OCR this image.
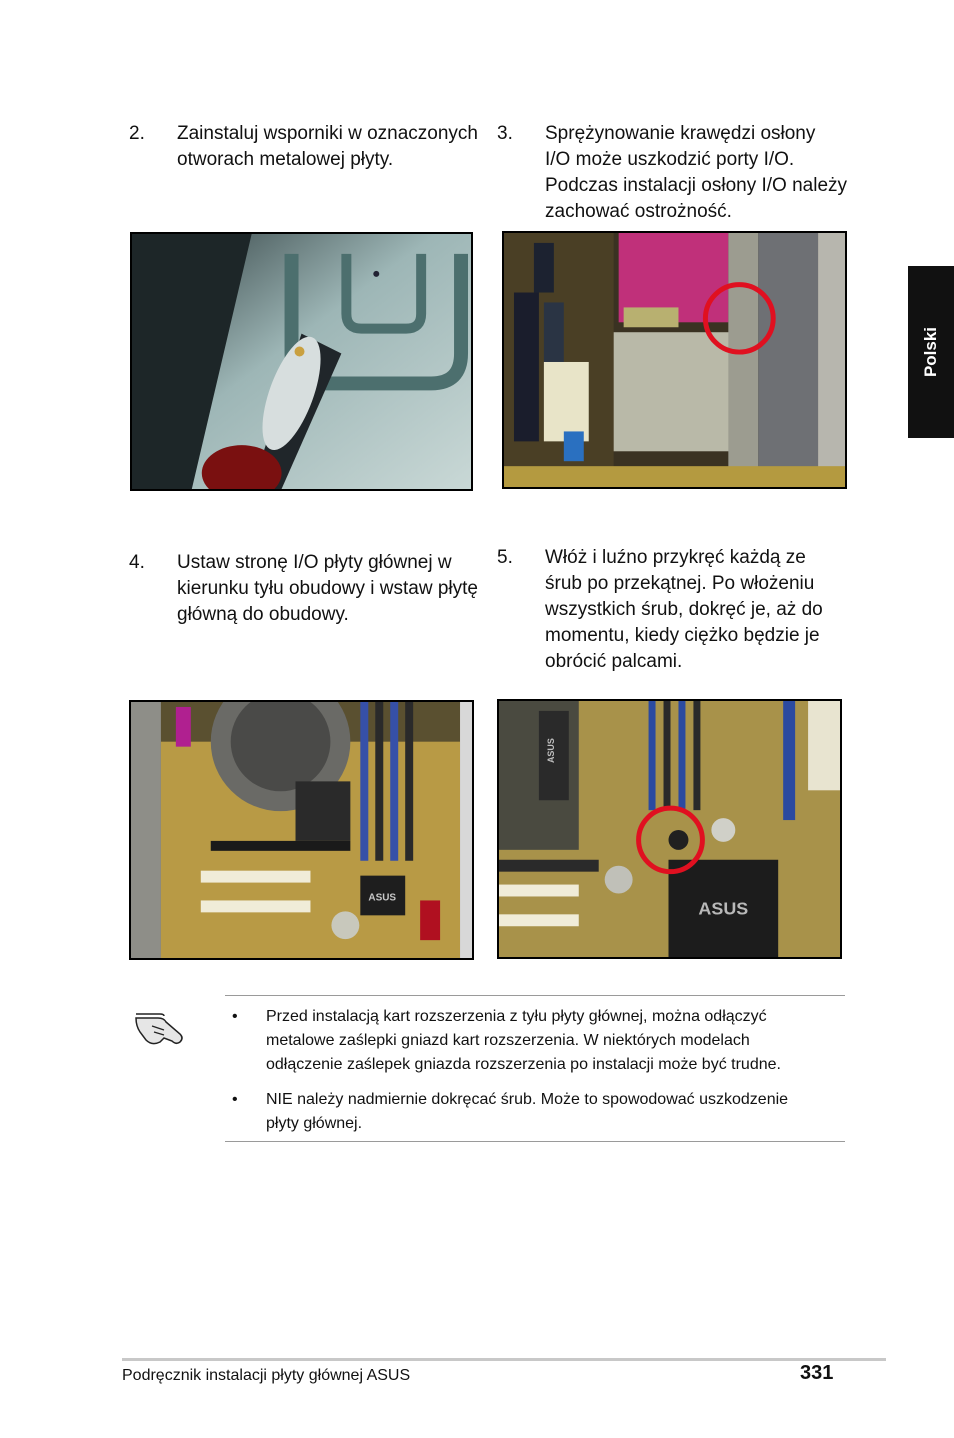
Polski
2. Zainstaluj wsporniki w oznaczonych
otworach metalowej płyty.
3. Sprężynowanie krawędzi osłony
I/O może uszkodzić porty I/O.
Podczas instalacji osłony I/O należy
zachować ostrożność.
4. Ustaw stronę I/O płyty głównej w
kierunku tyłu obudowy i wstaw płytę
główną do obudowy.
5. Włóż i luźno przykręć każdą ze
śrub po przekątnej. Po włożeniu
wszystkich śrub, dokręć je, aż do
momentu, kiedy ciężko będzie je
obrócić palcami.
ASUS
ASUS
ASUS
• Przed instalacją kart rozszerzenia z tyłu płyty głównej, można odłączyć
metalowe zaślepki gniazd kart rozszerzenia. W niektórych modelach
odłączenie zaślepek gniazda rozszerzenia po instalacji może być trudne.
• NIE należy nadmiernie dokręcać śrub. Może to spowodować uszkodzenie
płyty głównej.
Podręcznik instalacji płyty głównej ASUS	331
